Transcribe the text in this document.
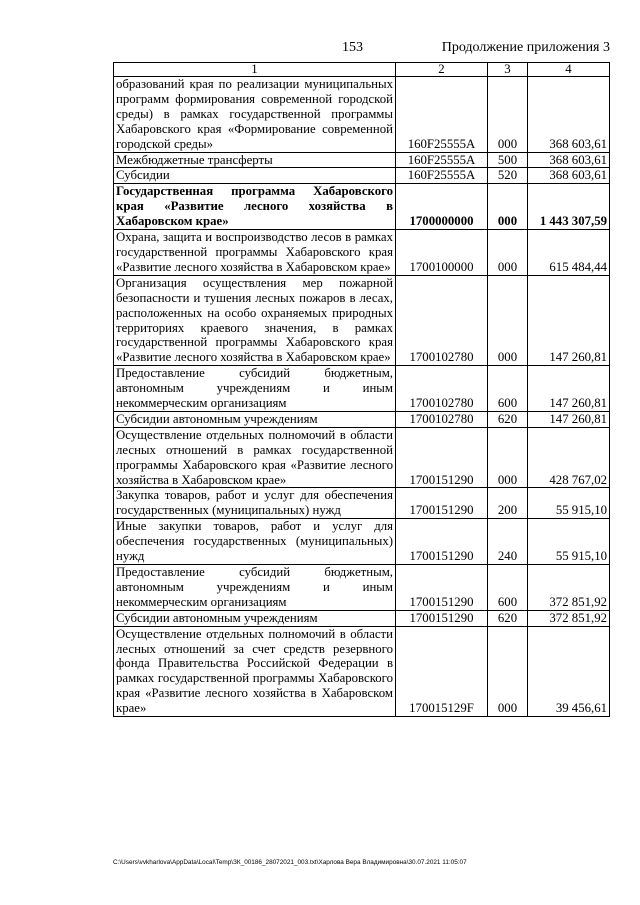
153	Продолжение приложения 3
1	2	3	4
образований края по реализации муниципальных программ формирования современной городской среды) в рамках государственной программы Хабаровского края «Формирование современной городской среды»	160F25555А	000	368 603,61
Межбюджетные трансферты	160F25555А	500	368 603,61
Субсидии	160F25555А	520	368 603,61
Государственная программа Хабаровского края «Развитие лесного хозяйства в Хабаровском крае»	1700000000	000	1 443 307,59
Охрана, защита и воспроизводство лесов в рамках государственной программы Хабаровского края «Развитие лесного хозяйства в Хабаровском крае»	1700100000	000	615 484,44
Организация осуществления мер пожарной безопасности и тушения лесных пожаров в лесах, расположенных на особо охраняемых природных территориях краевого значения, в рамках государственной программы Хабаровского края «Развитие лесного хозяйства в Хабаровском крае»	1700102780	000	147 260,81
Предоставление субсидий бюджетным, автономным учреждениям и иным некоммерческим организациям	1700102780	600	147 260,81
Субсидии автономным учреждениям	1700102780	620	147 260,81
Осуществление отдельных полномочий в области лесных отношений в рамках государственной программы Хабаровского края «Развитие лесного хозяйства в Хабаровском крае»	1700151290	000	428 767,02
Закупка товаров, работ и услуг для обеспечения государственных (муниципальных) нужд	1700151290	200	55 915,10
Иные закупки товаров, работ и услуг для обеспечения государственных (муниципальных) нужд	1700151290	240	55 915,10
Предоставление субсидий бюджетным, автономным учреждениям и иным некоммерческим организациям	1700151290	600	372 851,92
Субсидии автономным учреждениям	1700151290	620	372 851,92
Осуществление отдельных полномочий в области лесных отношений за счет средств резервного фонда Правительства Российской Федерации в рамках государственной программы Хабаровского края «Развитие лесного хозяйства в Хабаровском крае»	170015129F	000	39 456,61
C:\Users\vvkharlova\AppData\Local\Temp\ЗК_00186_28072021_003.txt\Харлова Вера Владимировна\30.07.2021 11:05:07
